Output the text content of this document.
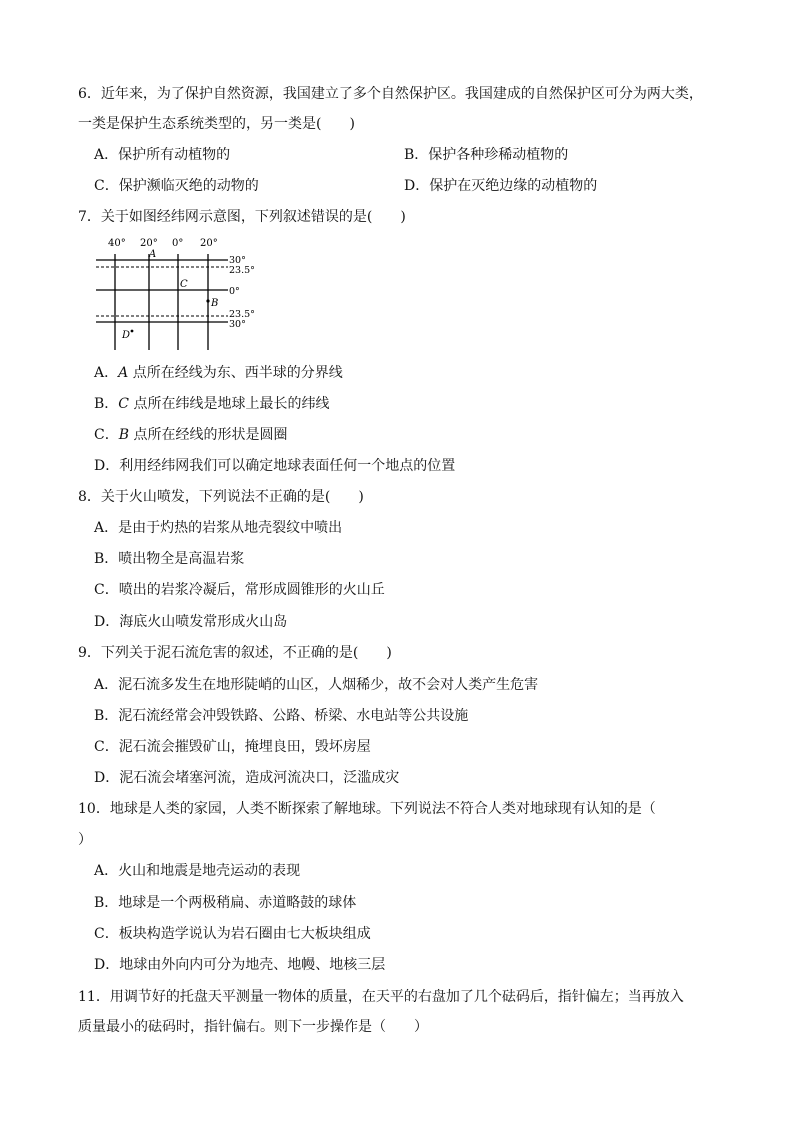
6．近年来，为了保护自然资源，我国建立了多个自然保护区。我国建成的自然保护区可分为两大类，
一类是保护生态系统类型的，另一类是(　　)
A．保护所有动植物的	B．保护各种珍稀动植物的
C．保护濒临灭绝的动物的	D．保护在灭绝边缘的动植物的
7．关于如图经纬网示意图，下列叙述错误的是(　　)
40° 20° 0° 20°
30°
23.5°
0°
23.5°
30°
A
C
B
D
A．A 点所在经线为东、西半球的分界线
B．C 点所在纬线是地球上最长的纬线
C．B 点所在经线的形状是圆圈
D．利用经纬网我们可以确定地球表面任何一个地点的位置
8．关于火山喷发，下列说法不正确的是(　　)
A．是由于灼热的岩浆从地壳裂纹中喷出
B．喷出物全是高温岩浆
C．喷出的岩浆冷凝后，常形成圆锥形的火山丘
D．海底火山喷发常形成火山岛
9．下列关于泥石流危害的叙述，不正确的是(　　)
A．泥石流多发生在地形陡峭的山区，人烟稀少，故不会对人类产生危害
B．泥石流经常会冲毁铁路、公路、桥梁、水电站等公共设施
C．泥石流会摧毁矿山，掩埋良田，毁坏房屋
D．泥石流会堵塞河流，造成河流决口，泛滥成灾
10．地球是人类的家园，人类不断探索了解地球。下列说法不符合人类对地球现有认知的是（
）
A．火山和地震是地壳运动的表现
B．地球是一个两极稍扁、赤道略鼓的球体
C．板块构造学说认为岩石圈由七大板块组成
D．地球由外向内可分为地壳、地幔、地核三层
11．用调节好的托盘天平测量一物体的质量，在天平的右盘加了几个砝码后，指针偏左；当再放入
质量最小的砝码时，指针偏右。则下一步操作是（　　）
